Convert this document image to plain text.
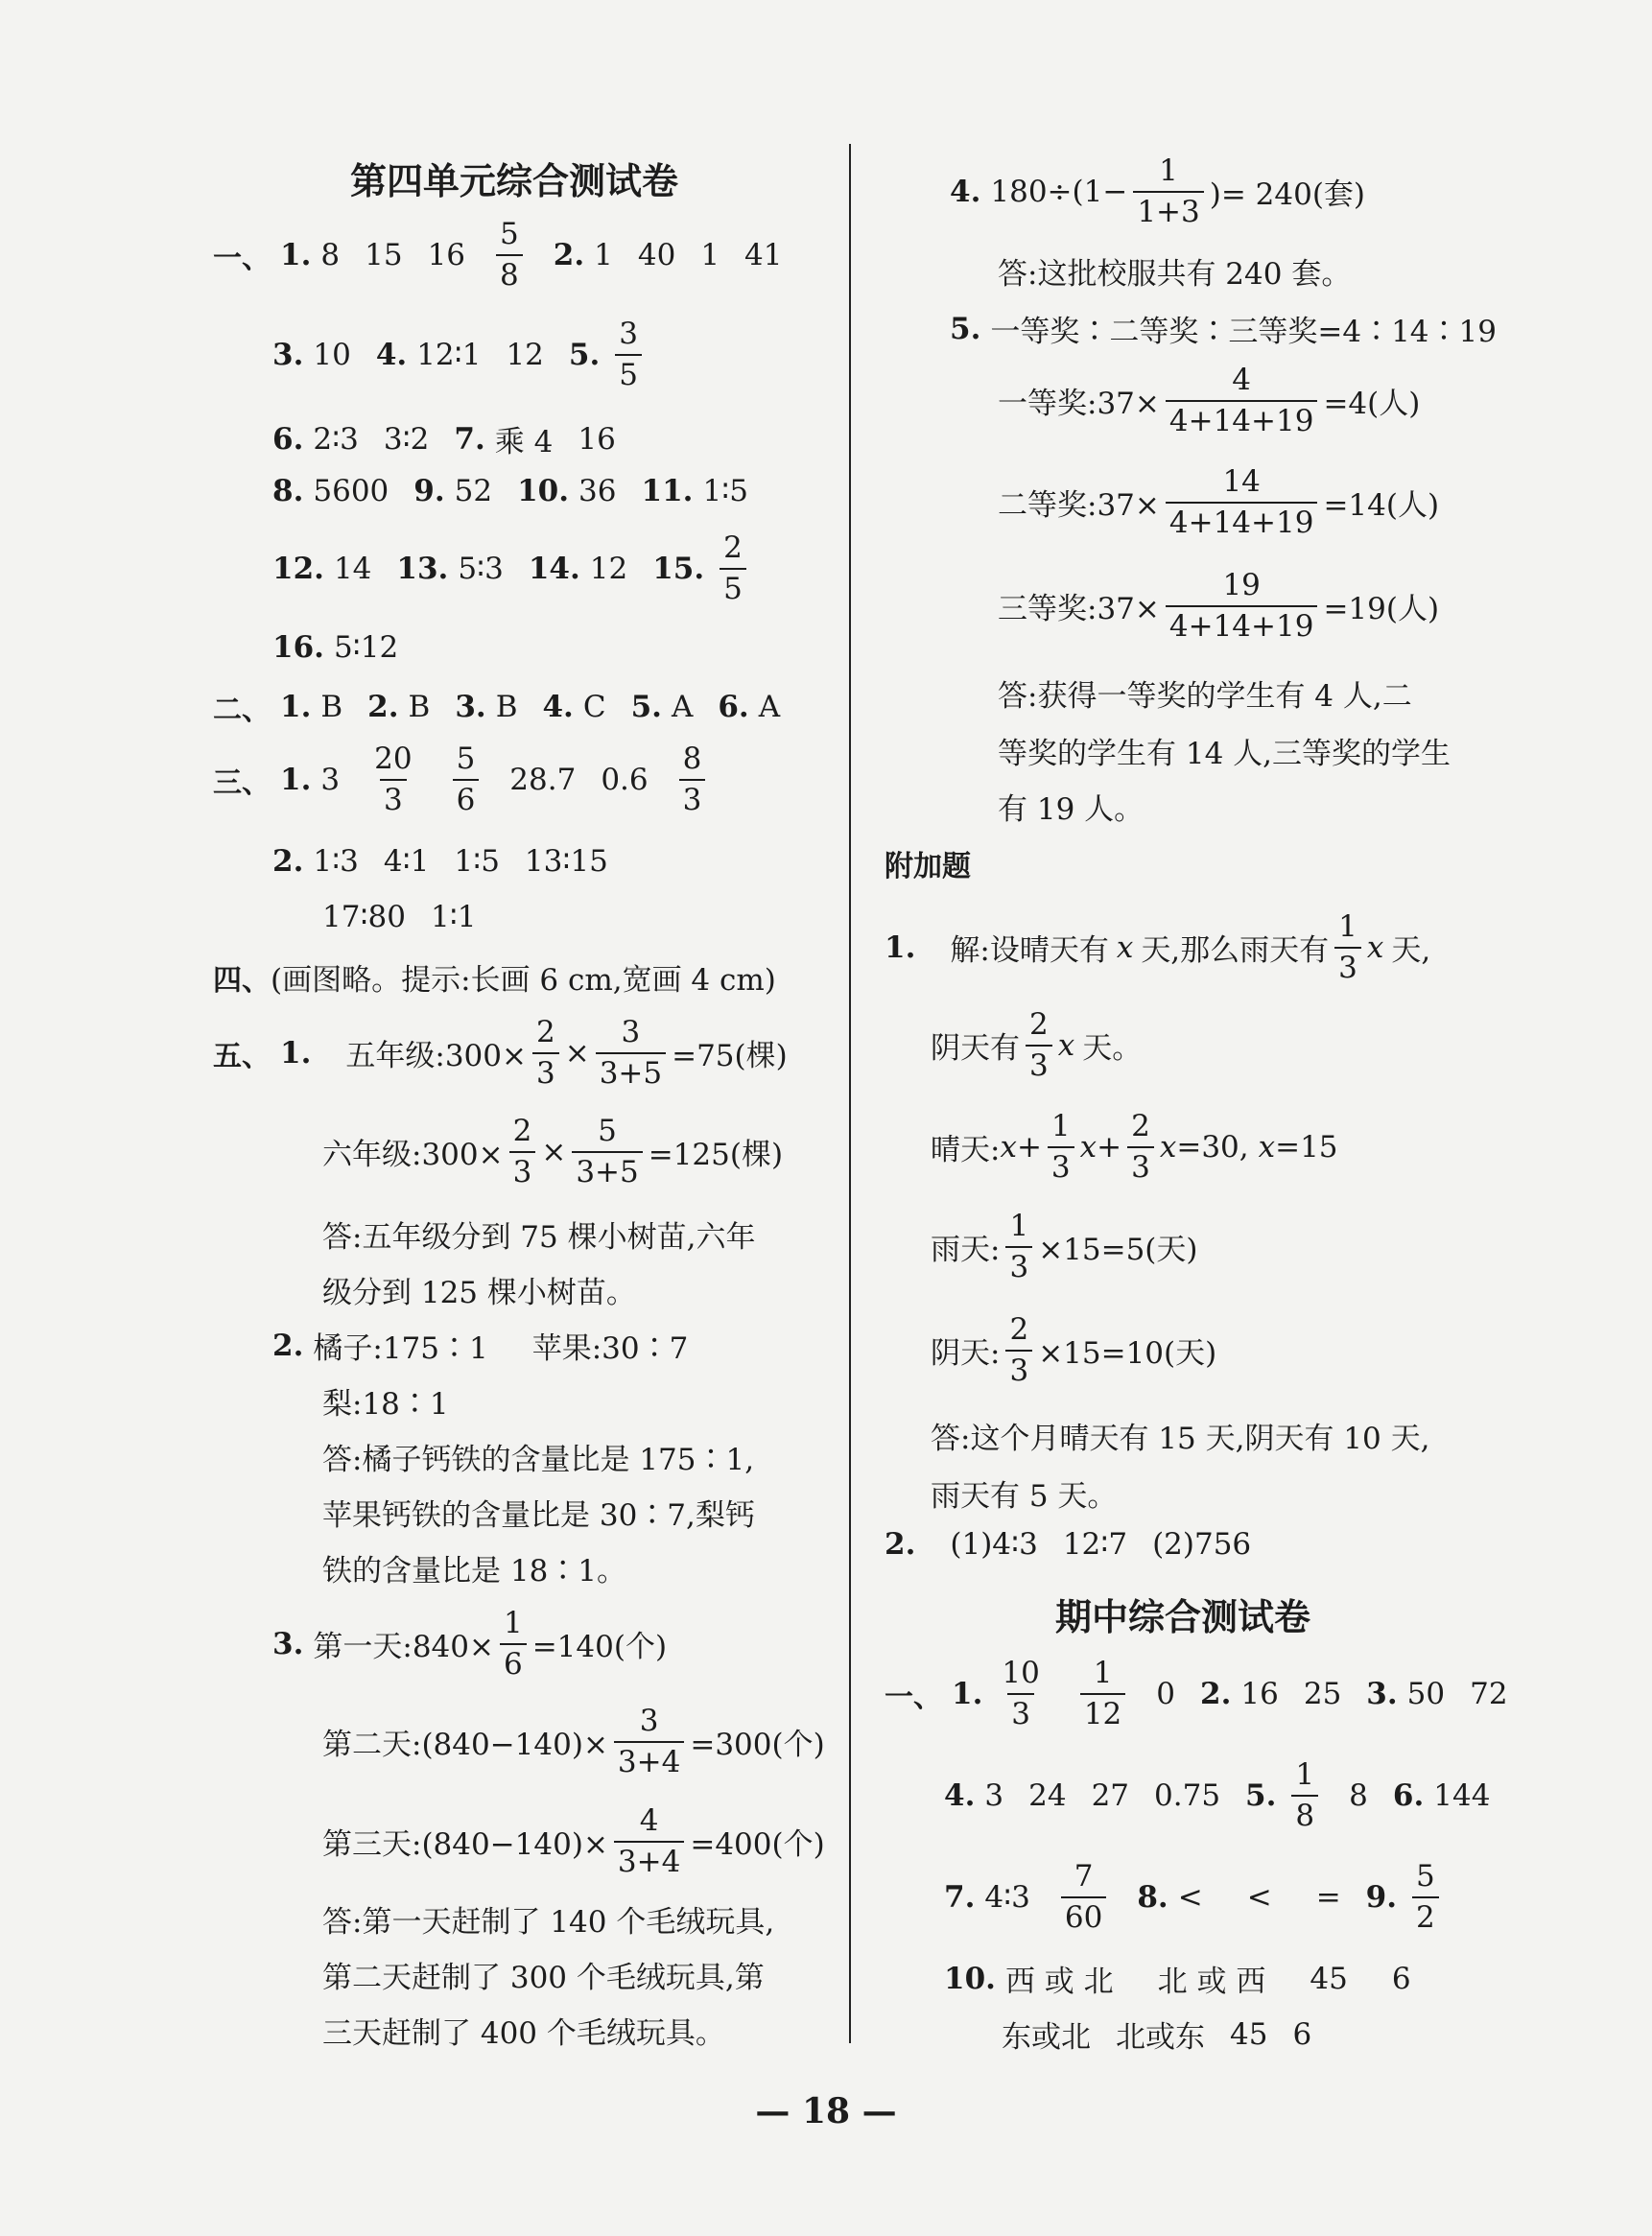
第四单元综合测试卷
一、 1. 8 15 $16 \frac{5}{8} 2$. 1 40 1 41
3. 10 4. 12∶1 12 5. $\frac{3}{5}$
6. 2∶3 3∶2 7. 乘 4 16
8. 5600 9. 52 10. 36 11. 1∶5
12. 14 13. 5∶3 14. 12 15. $\frac{2}{5}$
16. 5∶12
二、 1. B 2. B 3. B 4. C 5. A 6. A
三、 1. $3 \frac{20}{3} \frac{5}{6} 28.7$ $0.6 \frac{8}{3}$
2. 1∶3 4∶1 1∶5 13∶15
17∶80 1∶1
四、 (画图略。提示:长画 6 cm,宽画 4 cm)
五、 1. 五年级:300× $\frac{2}{3} \times \frac{3}{3+5} =75$(棵)
六年级:300× $\frac{2}{3} \times \frac{5}{3+5} =125$(棵)
答:五年级分到 75 棵小树苗,六年
级分到 125 棵小树苗。
2. 橘子:175∶1 苹果:30∶7
梨:18∶1
答:橘子钙铁的含量比是 175∶1,
苹果钙铁的含量比是 30∶7,梨钙
铁的含量比是 18∶1。
3. 第一天:840× $\frac{1}{6} =140$(个)
第二天:(840−140)× $\frac{3}{3+4} =300$(个)
第三天:(840−140)× $\frac{4}{3+4} =400$(个)
答:第一天赶制了 140 个毛绒玩具,
第二天赶制了 300 个毛绒玩具,第
三天赶制了 400 个毛绒玩具。
4. $180\div(1- \frac{1}{1+3}$ )= 240(套)
答:这批校服共有 240 套。
5. 一等奖∶二等奖∶三等奖=4∶14∶19
一等奖:37× $\frac{4}{4+14+19} =4$(人)
二等奖:37× $\frac{14}{4+14+19} =14$(人)
三等奖:37× $\frac{19}{4+14+19} =19$(人)
答:获得一等奖的学生有 4 人,二
等奖的学生有 14 人,三等奖的学生
有 19 人。
附加题
1. 解:设晴天有 x 天,那么雨天有 $\frac{1}{3}$ x 天,
阴天有 $\frac{2}{3}$ x 天。
晴天: $x + \frac{1}{3}$ $x + \frac{2}{3}$ x =30, x =15
雨天: $\frac{1}{3} \times 15=5$(天)
阴天: $\frac{2}{3} \times 15=10$(天)
答:这个月晴天有 15 天,阴天有 10 天,
雨天有 5 天。
2. (1)4∶3 12∶7 (2)756
期中综合测试卷
一、 1. $\frac{10}{3} \frac{1}{12} 0$ 2. 16 25 3. 50 72
4. 3 24 27 0.75 5. $\frac{1}{8} 8$ 6. 144
7. 4∶3 $\frac{7}{60} 8$. < < = 9. $\frac{5}{2}$
10. 西 或 北 北 或 西 45 6
东或北 北或东 45 6
— 18 —
